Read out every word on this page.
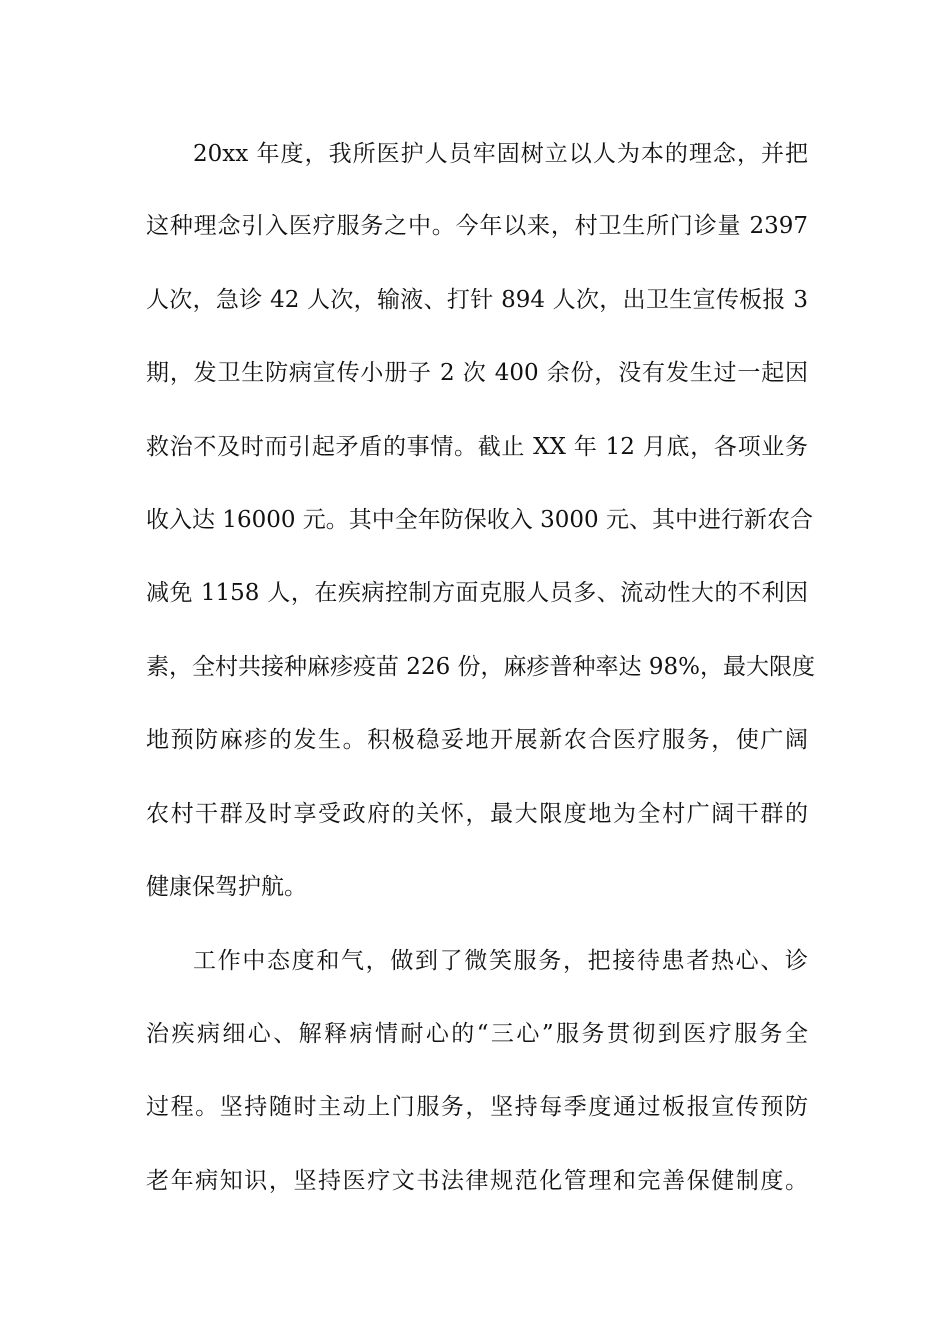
20xx 年度，我所医护人员牢固树立以人为本的理念，并把
这种理念引入医疗服务之中。今年以来，村卫生所门诊量 2397
人次，急诊 42 人次，输液、打针 894 人次，出卫生宣传板报 3
期，发卫生防病宣传小册子 2 次 400 余份，没有发生过一起因
救治不及时而引起矛盾的事情。截止 XX 年 12 月底，各项业务
收入达 16000 元。其中全年防保收入 3000 元、其中进行新农合
减免 1158 人，在疾病控制方面克服人员多、流动性大的不利因
素，全村共接种麻疹疫苗 226 份，麻疹普种率达 98%，最大限度
地预防麻疹的发生。积极稳妥地开展新农合医疗服务，使广阔
农村干群及时享受政府的关怀，最大限度地为全村广阔干群的
健康保驾护航。
工作中态度和气，做到了微笑服务，把接待患者热心、诊
治疾病细心、解释病情耐心的“三心”服务贯彻到医疗服务全
过程。坚持随时主动上门服务，坚持每季度通过板报宣传预防
老年病知识，坚持医疗文书法律规范化管理和完善保健制度。
